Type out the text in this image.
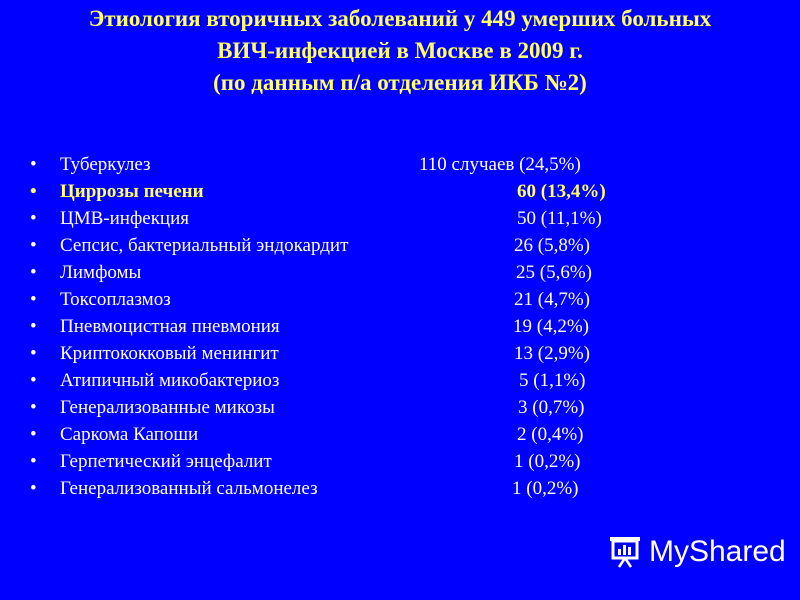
Этиология вторичных заболеваний у 449 умерших больных
ВИЧ-инфекцией в Москве в 2009 г.
(по данным п/а отделения ИКБ №2)
• Туберкулез	110 случаев (24,5%)
• Циррозы печени	60 (13,4%)
• ЦМВ-инфекция	50 (11,1%)
• Сепсис, бактериальный эндокардит	26 (5,8%)
• Лимфомы	25 (5,6%)
• Токсоплазмоз	21 (4,7%)
• Пневмоцистная пневмония	19 (4,2%)
• Криптококковый менингит	13 (2,9%)
• Атипичный микобактериоз	5 (1,1%)
• Генерализованные микозы	3 (0,7%)
• Саркома Капоши	2 (0,4%)
• Герпетический энцефалит	1 (0,2%)
• Генерализованный сальмонелез	1 (0,2%)
MyShared
